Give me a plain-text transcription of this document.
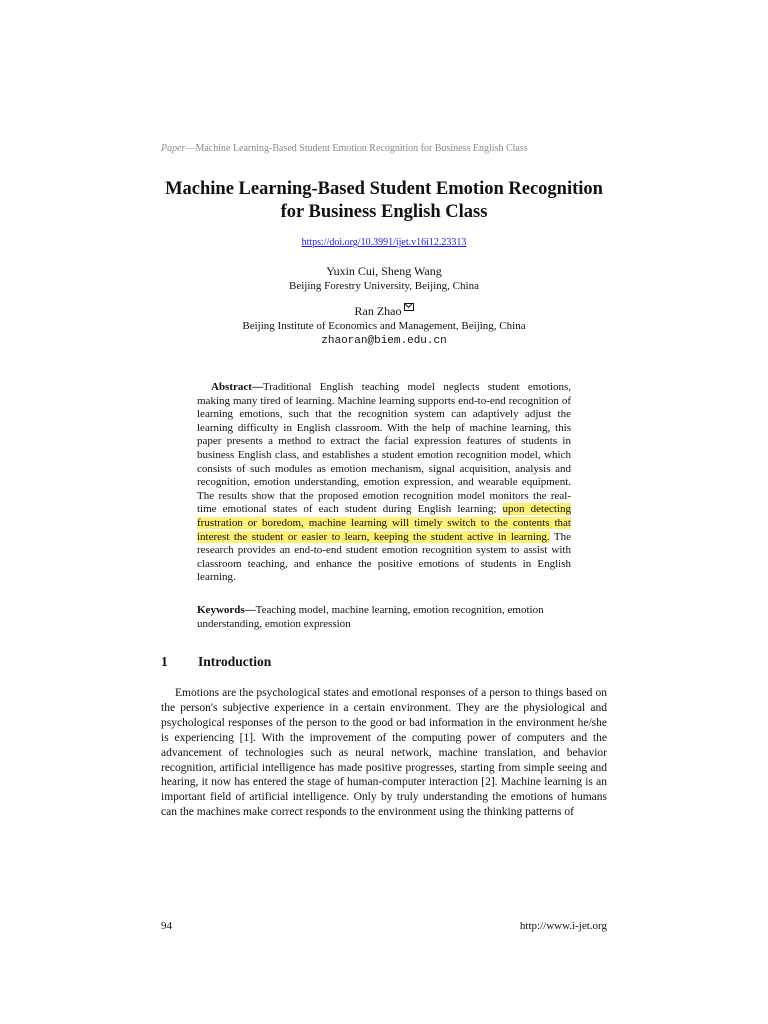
Paper—Machine Learning-Based Student Emotion Recognition for Business English Class
Machine Learning-Based Student Emotion Recognition
for Business English Class
https://doi.org/10.3991/ijet.v16i12.23313
Yuxin Cui, Sheng Wang
Beijing Forestry University, Beijing, China
Ran Zhao
Beijing Institute of Economics and Management, Beijing, China
zhaoran@biem.edu.cn

Abstract—Traditional English teaching model neglects student emotions, making many tired of learning. Machine learning supports end-to-end recognition of learning emotions, such that the recognition system can adaptively adjust the learning difficulty in English classroom. With the help of machine learning, this paper presents a method to extract the facial expression features of students in business English class, and establishes a student emotion recognition model, which consists of such modules as emotion mechanism, signal acquisition, analysis and recognition, emotion understanding, emotion expression, and wearable equipment. The results show that the proposed emotion recognition model monitors the real-time emotional states of each student during English learning; upon detecting frustration or boredom, machine learning will timely switch to the contents that interest the student or easier to learn, keeping the student active in learning. The research provides an end-to-end student emotion recognition system to assist with classroom teaching, and enhance the positive emotions of students in English learning.

Keywords—Teaching model, machine learning, emotion recognition, emotion understanding, emotion expression

1 Introduction

Emotions are the psychological states and emotional responses of a person to things based on the person's subjective experience in a certain environment. They are the physiological and psychological responses of the person to the good or bad information in the environment he/she is experiencing [1]. With the improvement of the computing power of computers and the advancement of technologies such as neural network, machine translation, and behavior recognition, artificial intelligence has made positive progresses, starting from simple seeing and hearing, it now has entered the stage of human-computer interaction [2]. Machine learning is an important field of artificial intelligence. Only by truly understanding the emotions of humans can the machines make correct responds to the environment using the thinking patterns of

94	http://www.i-jet.org
